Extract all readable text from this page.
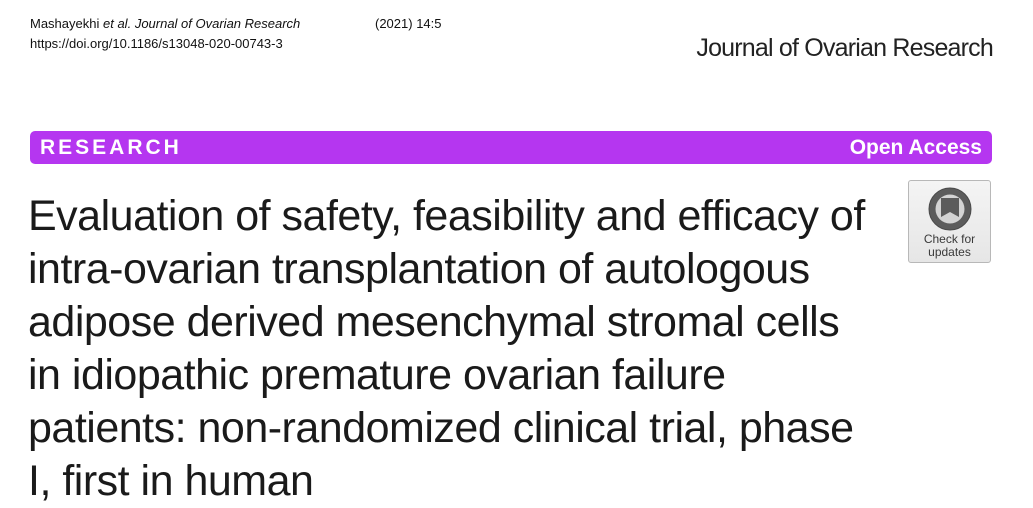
Mashayekhi et al. Journal of Ovarian Research	(2021) 14:5
https://doi.org/10.1186/s13048-020-00743-3	Journal of Ovarian Research
RESEARCH	Open Access
Evaluation of safety, feasibility and efficacy of intra-ovarian transplantation of autologous adipose derived mesenchymal stromal cells in idiopathic premature ovarian failure patients: non-randomized clinical trial, phase I, first in human
Check for
updates
